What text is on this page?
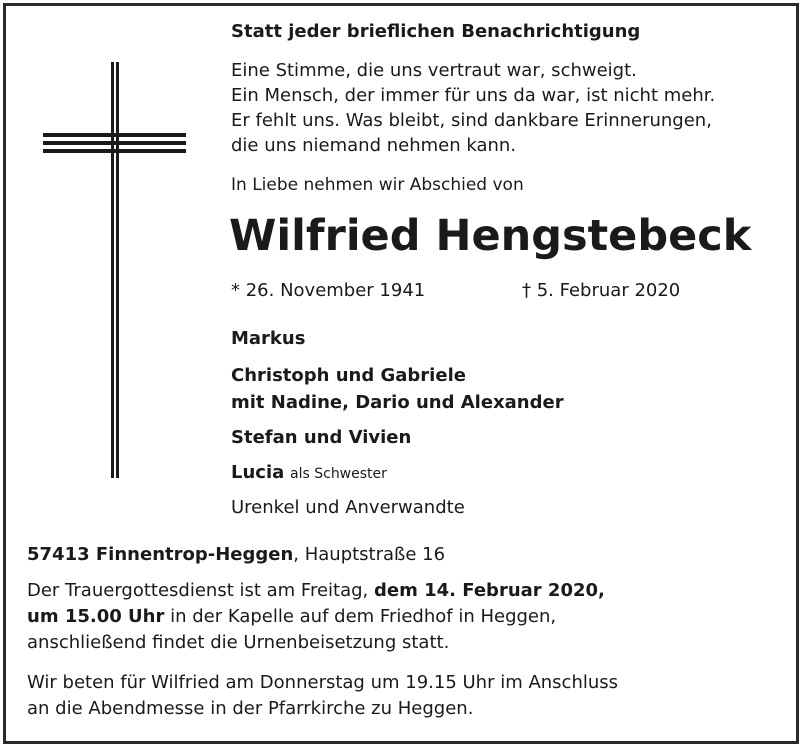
Statt jeder brieflichen Benachrichtigung
Eine Stimme, die uns vertraut war, schweigt.
Ein Mensch, der immer für uns da war, ist nicht mehr.
Er fehlt uns. Was bleibt, sind dankbare Erinnerungen,
die uns niemand nehmen kann.
In Liebe nehmen wir Abschied von
Wilfried Hengstebeck
* 26. November 1941	† 5. Februar 2020
Markus
Christoph und Gabriele
mit Nadine, Dario und Alexander
Stefan und Vivien
Lucia als Schwester
Urenkel und Anverwandte
57413 Finnentrop-Heggen, Hauptstraße 16
Der Trauergottesdienst ist am Freitag, dem 14. Februar 2020,
um 15.00 Uhr in der Kapelle auf dem Friedhof in Heggen,
anschließend findet die Urnenbeisetzung statt.
Wir beten für Wilfried am Donnerstag um 19.15 Uhr im Anschluss
an die Abendmesse in der Pfarrkirche zu Heggen.
